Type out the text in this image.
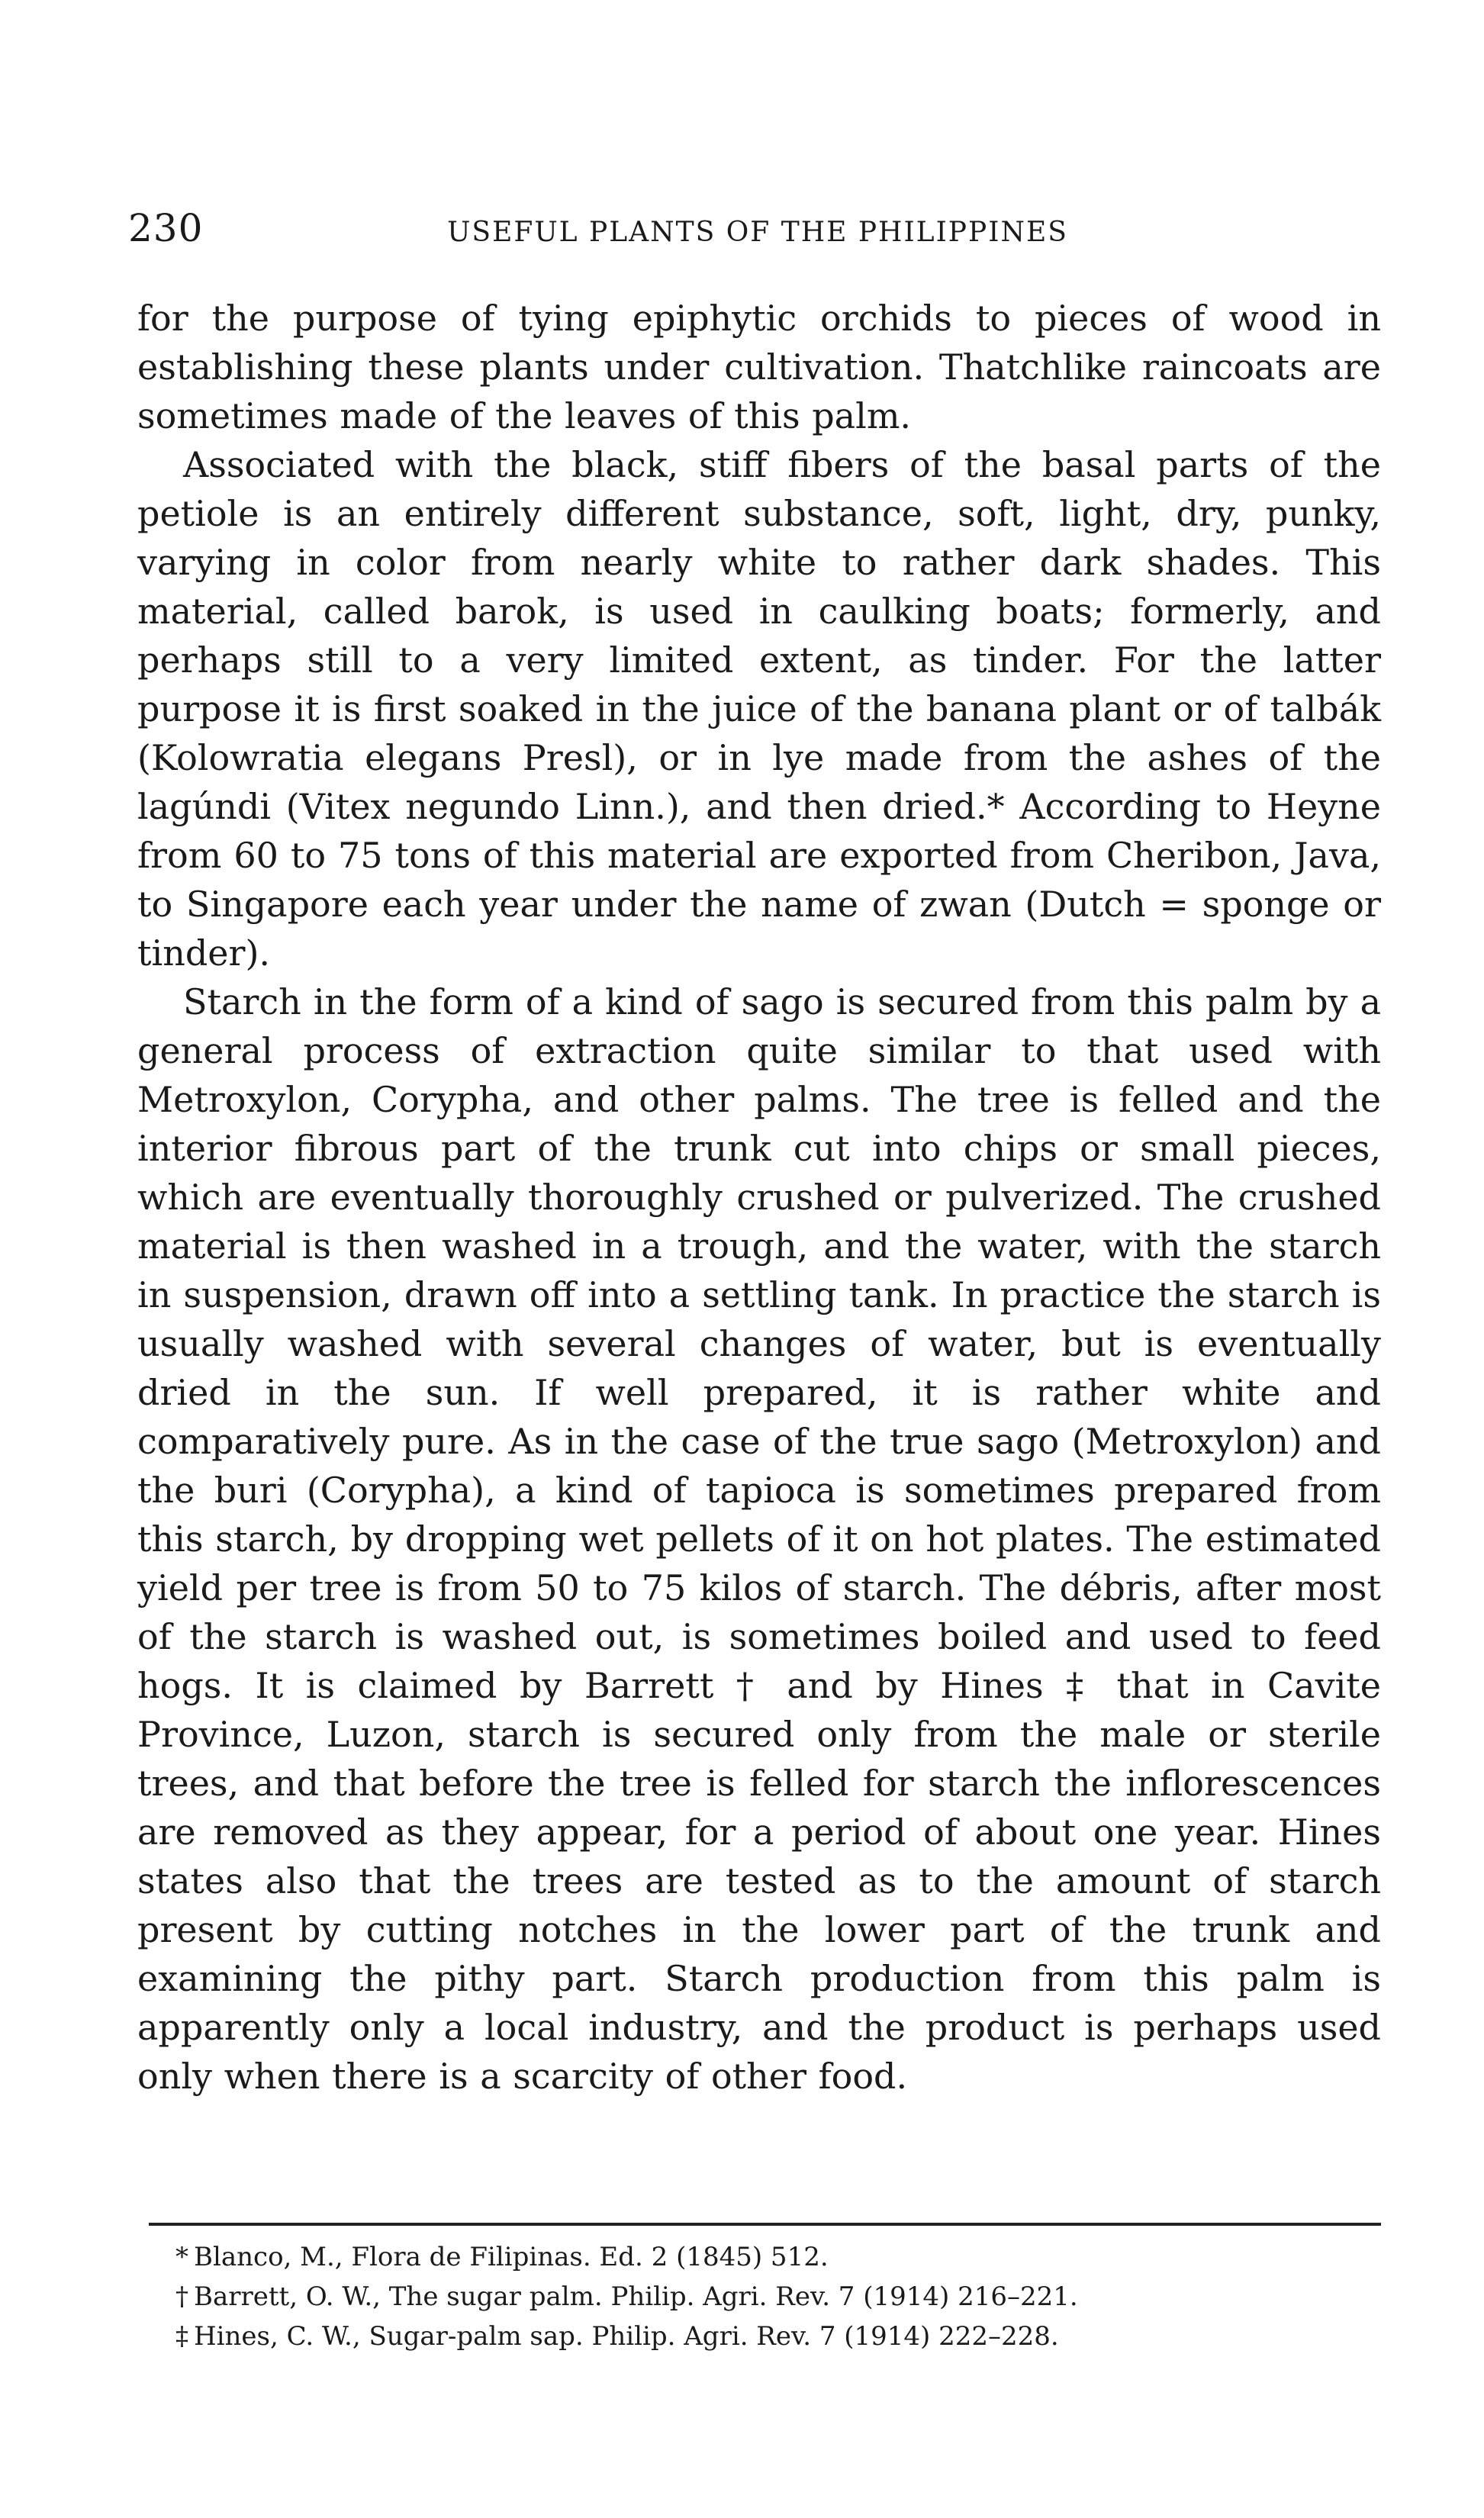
230	USEFUL PLANTS OF THE PHILIPPINES

for the purpose of tying epiphytic orchids to pieces of wood in establishing these plants under cultivation. Thatchlike raincoats are sometimes made of the leaves of this palm.

Associated with the black, stiff fibers of the basal parts of the petiole is an entirely different substance, soft, light, dry, punky, varying in color from nearly white to rather dark shades. This material, called barok, is used in caulking boats; formerly, and perhaps still to a very limited extent, as tinder. For the latter purpose it is first soaked in the juice of the banana plant or of talbák (Kolowratia elegans Presl), or in lye made from the ashes of the lagúndi (Vitex negundo Linn.), and then dried.* According to Heyne from 60 to 75 tons of this material are exported from Cheribon, Java, to Singapore each year under the name of zwan (Dutch = sponge or tinder).

Starch in the form of a kind of sago is secured from this palm by a general process of extraction quite similar to that used with Metroxylon, Corypha, and other palms. The tree is felled and the interior fibrous part of the trunk cut into chips or small pieces, which are eventually thoroughly crushed or pulverized. The crushed material is then washed in a trough, and the water, with the starch in suspension, drawn off into a settling tank. In practice the starch is usually washed with several changes of water, but is eventually dried in the sun. If well prepared, it is rather white and comparatively pure. As in the case of the true sago (Metroxylon) and the buri (Corypha), a kind of tapioca is sometimes prepared from this starch, by dropping wet pellets of it on hot plates. The estimated yield per tree is from 50 to 75 kilos of starch. The débris, after most of the starch is washed out, is sometimes boiled and used to feed hogs. It is claimed by Barrett † and by Hines ‡ that in Cavite Province, Luzon, starch is secured only from the male or sterile trees, and that before the tree is felled for starch the inflorescences are removed as they appear, for a period of about one year. Hines states also that the trees are tested as to the amount of starch present by cutting notches in the lower part of the trunk and examining the pithy part. Starch production from this palm is apparently only a local industry, and the product is perhaps used only when there is a scarcity of other food.

* Blanco, M., Flora de Filipinas. Ed. 2 (1845) 512.
† Barrett, O. W., The sugar palm. Philip. Agri. Rev. 7 (1914) 216–221.
‡ Hines, C. W., Sugar-palm sap. Philip. Agri. Rev. 7 (1914) 222–228.
